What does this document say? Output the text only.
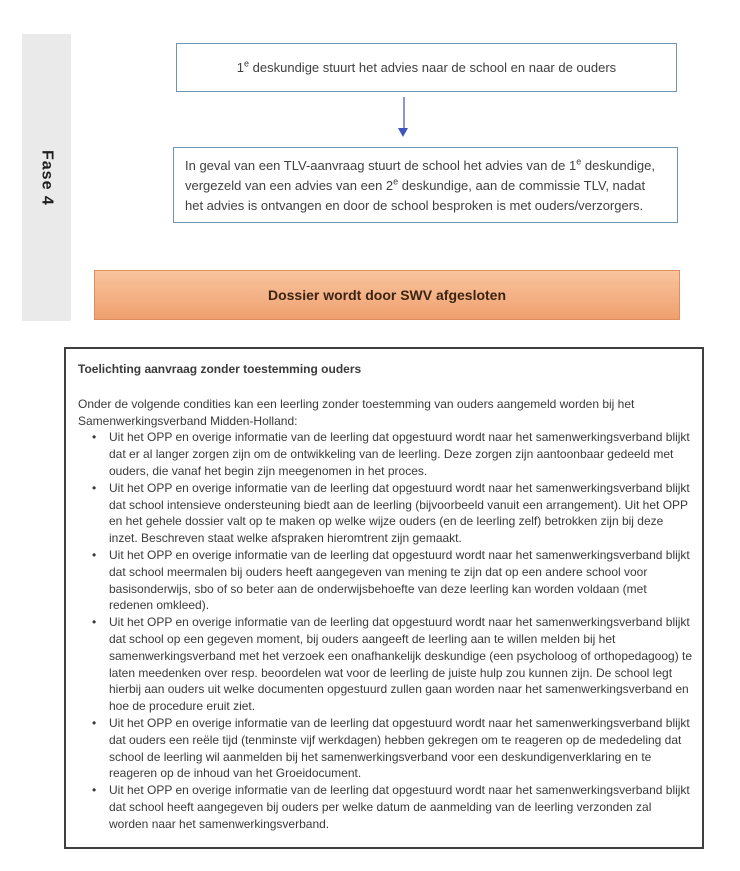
Fase 4
1e deskundige stuurt het advies naar de school en naar de ouders
In geval van een TLV-aanvraag stuurt de school het advies van de 1e deskundige,
vergezeld van een advies van een 2e deskundige, aan de commissie TLV, nadat
het advies is ontvangen en door de school besproken is met ouders/verzorgers.
Dossier wordt door SWV afgesloten
Toelichting aanvraag zonder toestemming ouders
Onder de volgende condities kan een leerling zonder toestemming van ouders aangemeld worden bij het Samenwerkingsverband Midden-Holland:
• Uit het OPP en overige informatie van de leerling dat opgestuurd wordt naar het samenwerkingsverband blijkt dat er al langer zorgen zijn om de ontwikkeling van de leerling. Deze zorgen zijn aantoonbaar gedeeld met ouders, die vanaf het begin zijn meegenomen in het proces.
• Uit het OPP en overige informatie van de leerling dat opgestuurd wordt naar het samenwerkingsverband blijkt dat school intensieve ondersteuning biedt aan de leerling (bijvoorbeeld vanuit een arrangement). Uit het OPP en het gehele dossier valt op te maken op welke wijze ouders (en de leerling zelf) betrokken zijn bij deze inzet. Beschreven staat welke afspraken hieromtrent zijn gemaakt.
• Uit het OPP en overige informatie van de leerling dat opgestuurd wordt naar het samenwerkingsverband blijkt dat school meermalen bij ouders heeft aangegeven van mening te zijn dat op een andere school voor basisonderwijs, sbo of so beter aan de onderwijsbehoefte van deze leerling kan worden voldaan (met redenen omkleed).
• Uit het OPP en overige informatie van de leerling dat opgestuurd wordt naar het samenwerkingsverband blijkt dat school op een gegeven moment, bij ouders aangeeft de leerling aan te willen melden bij het samenwerkingsverband met het verzoek een onafhankelijk deskundige (een psycholoog of orthopedagoog) te laten meedenken over resp. beoordelen wat voor de leerling de juiste hulp zou kunnen zijn. De school legt hierbij aan ouders uit welke documenten opgestuurd zullen gaan worden naar het samenwerkingsverband en hoe de procedure eruit ziet.
• Uit het OPP en overige informatie van de leerling dat opgestuurd wordt naar het samenwerkingsverband blijkt dat ouders een reële tijd (tenminste vijf werkdagen) hebben gekregen om te reageren op de mededeling dat school de leerling wil aanmelden bij het samenwerkingsverband voor een deskundigenverklaring en te reageren op de inhoud van het Groeidocument.
• Uit het OPP en overige informatie van de leerling dat opgestuurd wordt naar het samenwerkingsverband blijkt dat school heeft aangegeven bij ouders per welke datum de aanmelding van de leerling verzonden zal worden naar het samenwerkingsverband.
